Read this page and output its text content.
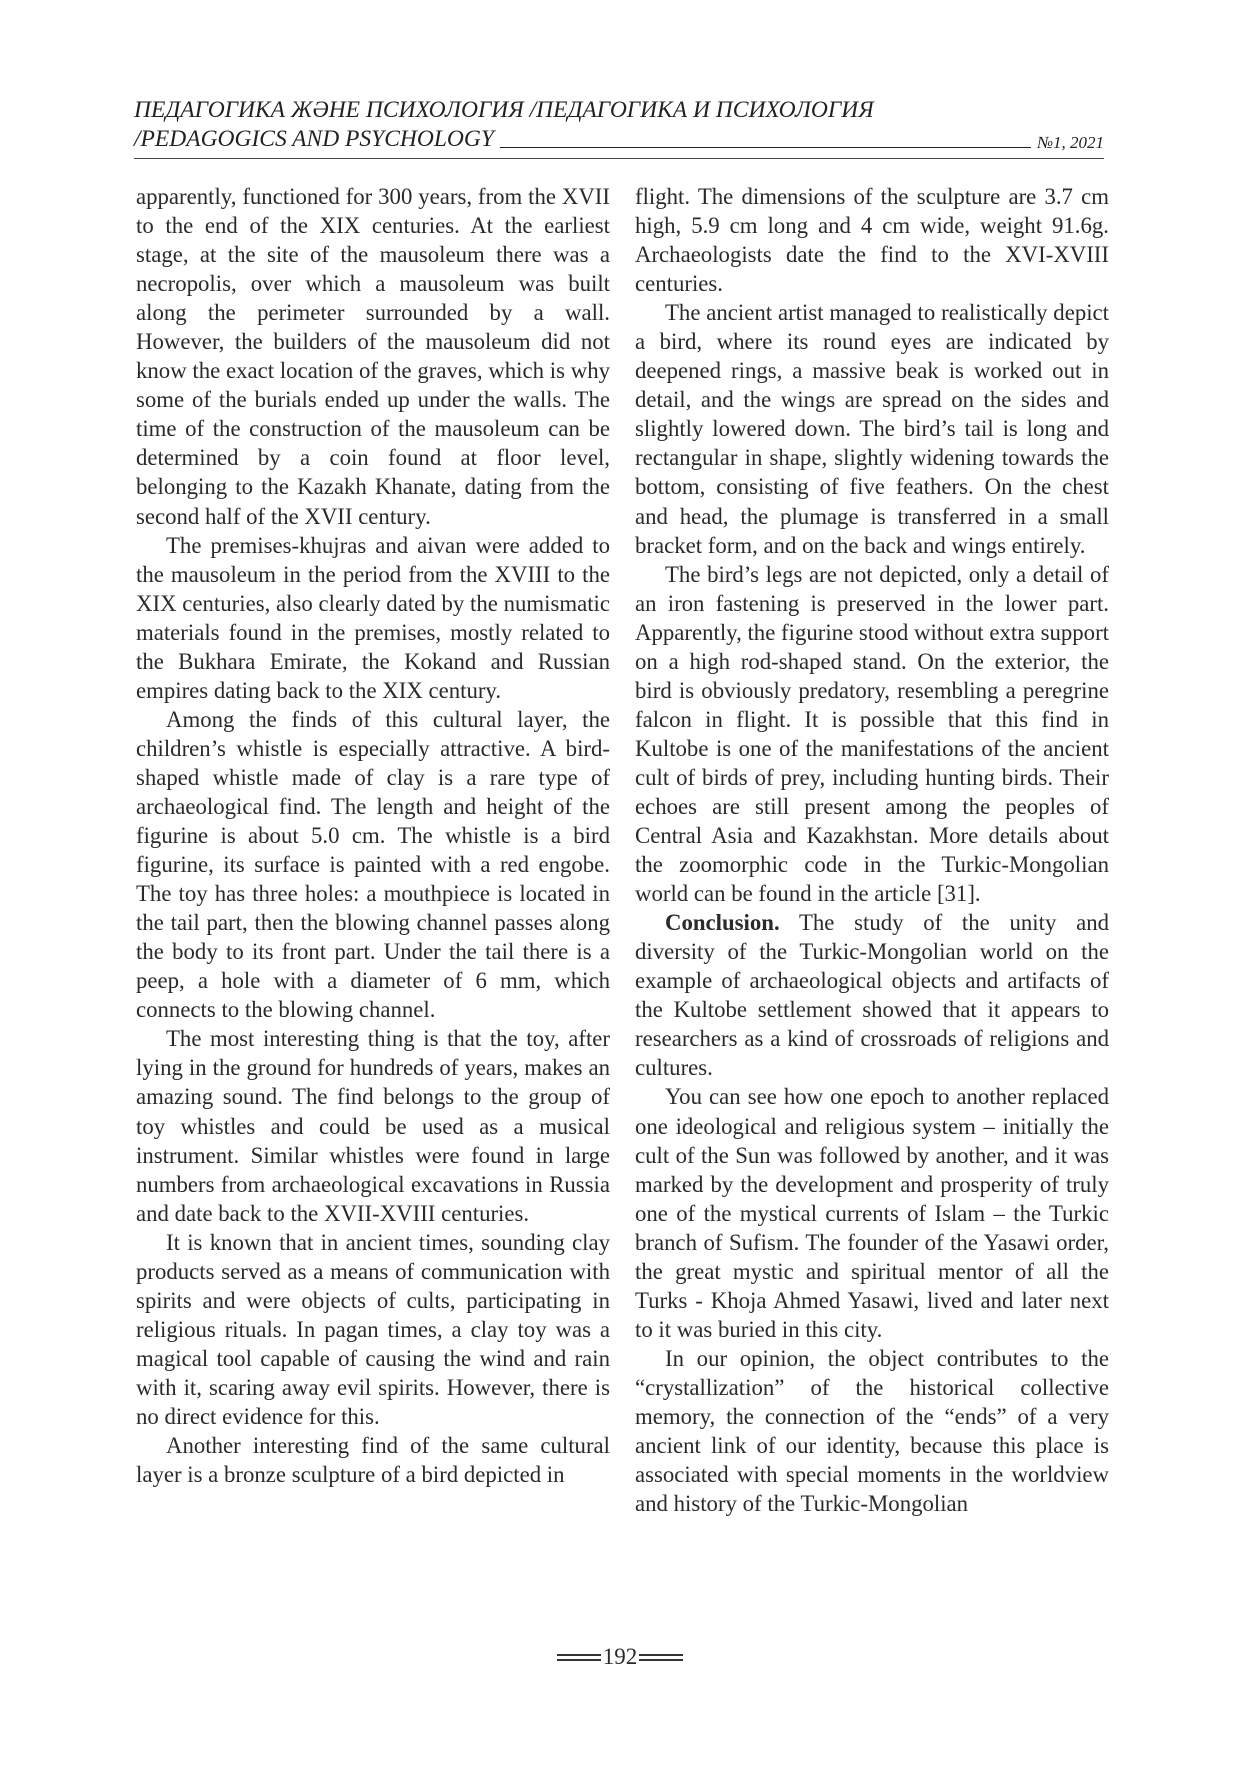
ПЕДАГОГИКА ЖӘНЕ ПСИХОЛОГИЯ /ПЕДАГОГИКА И ПСИХОЛОГИЯ
/PEDAGOGICS AND PSYCHOLOGY	№1, 2021

apparently, functioned for 300 years, from the XVII to the end of the XIX centuries. At the earliest stage, at the site of the mausoleum there was a necropolis, over which a mausoleum was built along the perimeter surrounded by a wall. However, the builders of the mausoleum did not know the exact location of the graves, which is why some of the burials ended up under the walls. The time of the construction of the mausoleum can be determined by a coin found at floor level, belonging to the Kazakh Khanate, dating from the second half of the XVII century.

The premises-khujras and aivan were added to the mausoleum in the period from the XVIII to the XIX centuries, also clearly dated by the numismatic materials found in the premises, mostly related to the Bukhara Emirate, the Kokand and Russian empires dating back to the XIX century.

Among the finds of this cultural layer, the children’s whistle is especially attractive. A bird-shaped whistle made of clay is a rare type of archaeological find. The length and height of the figurine is about 5.0 cm. The whistle is a bird figurine, its surface is painted with a red engobe. The toy has three holes: a mouthpiece is located in the tail part, then the blowing channel passes along the body to its front part. Under the tail there is a peep, a hole with a diameter of 6 mm, which connects to the blowing channel.

The most interesting thing is that the toy, after lying in the ground for hundreds of years, makes an amazing sound. The find belongs to the group of toy whistles and could be used as a musical instrument. Similar whistles were found in large numbers from archaeological excavations in Russia and date back to the XVII-XVIII centuries.

It is known that in ancient times, sounding clay products served as a means of communication with spirits and were objects of cults, participating in religious rituals. In pagan times, a clay toy was a magical tool capable of causing the wind and rain with it, scaring away evil spirits. However, there is no direct evidence for this.

Another interesting find of the same cultural layer is a bronze sculpture of a bird depicted in

flight. The dimensions of the sculpture are 3.7 cm high, 5.9 cm long and 4 cm wide, weight 91.6g. Archaeologists date the find to the XVI-XVIII centuries.

The ancient artist managed to realistically depict a bird, where its round eyes are indicated by deepened rings, a massive beak is worked out in detail, and the wings are spread on the sides and slightly lowered down. The bird’s tail is long and rectangular in shape, slightly widening towards the bottom, consisting of five feathers. On the chest and head, the plumage is transferred in a small bracket form, and on the back and wings entirely.

The bird’s legs are not depicted, only a detail of an iron fastening is preserved in the lower part. Apparently, the figurine stood without extra support on a high rod-shaped stand. On the exterior, the bird is obviously predatory, resembling a peregrine falcon in flight. It is possible that this find in Kultobe is one of the manifestations of the ancient cult of birds of prey, including hunting birds. Their echoes are still present among the peoples of Central Asia and Kazakhstan. More details about the zoomorphic code in the Turkic-Mongolian world can be found in the article [31].

Conclusion. The study of the unity and diversity of the Turkic-Mongolian world on the example of archaeological objects and artifacts of the Kultobe settlement showed that it appears to researchers as a kind of crossroads of religions and cultures.

You can see how one epoch to another replaced one ideological and religious system – initially the cult of the Sun was followed by another, and it was marked by the development and prosperity of truly one of the mystical currents of Islam – the Turkic branch of Sufism. The founder of the Yasawi order, the great mystic and spiritual mentor of all the Turks - Khoja Ahmed Yasawi, lived and later next to it was buried in this city.

In our opinion, the object contributes to the “crystallization” of the historical collective memory, the connection of the “ends” of a very ancient link of our identity, because this place is associated with special moments in the worldview and history of the Turkic-Mongolian

192
